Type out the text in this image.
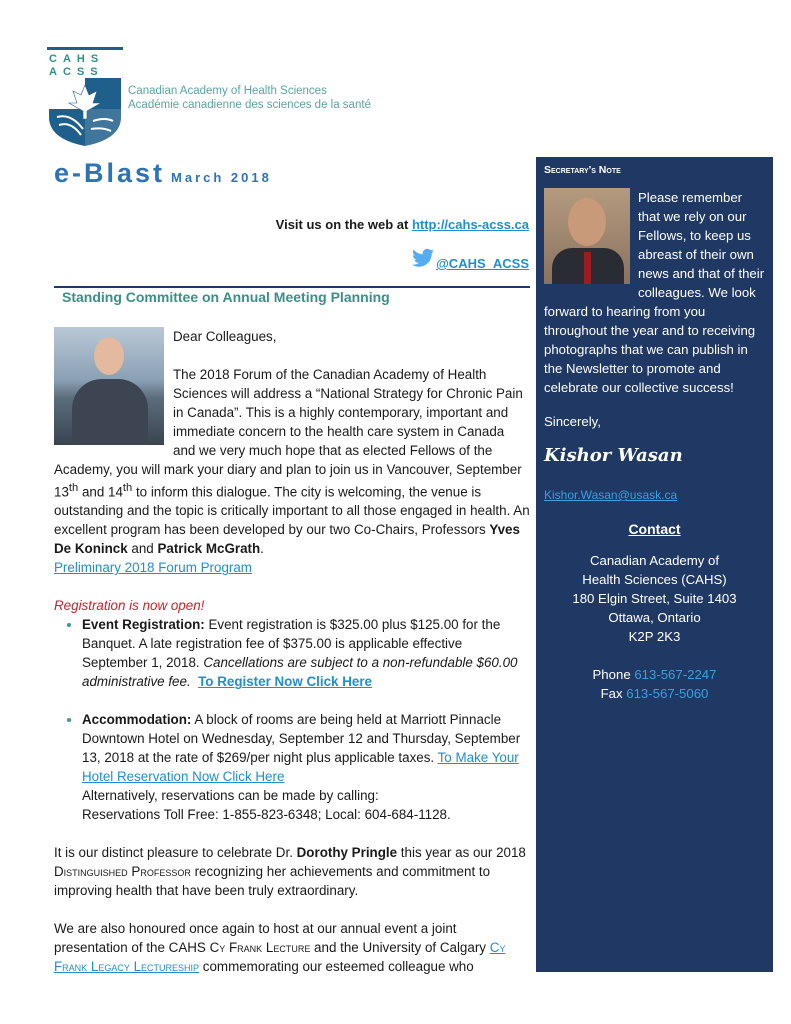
CAHS
ACSS
Canadian Academy of Health Sciences
Académie canadienne des sciences de la santé
e-Blast March 2018
Visit us on the web at http://cahs-acss.ca
@CAHS_ACSS
Standing Committee on Annual Meeting Planning

Dear Colleagues,

The 2018 Forum of the Canadian Academy of Health Sciences will address a “National Strategy for Chronic Pain in Canada”. This is a highly contemporary, important and immediate concern to the health care system in Canada and we very much hope that as elected Fellows of the Academy, you will mark your diary and plan to join us in Vancouver, September 13th and 14th to inform this dialogue. The city is welcoming, the venue is outstanding and the topic is critically important to all those engaged in health. An excellent program has been developed by our two Co-Chairs, Professors Yves De Koninck and Patrick McGrath.
Preliminary 2018 Forum Program

Registration is now open!

• Event Registration: Event registration is $325.00 plus $125.00 for the Banquet. A late registration fee of $375.00 is applicable effective September 1, 2018. Cancellations are subject to a non-refundable $60.00 administrative fee. To Register Now Click Here
• Accommodation: A block of rooms are being held at Marriott Pinnacle Downtown Hotel on Wednesday, September 12 and Thursday, September 13, 2018 at the rate of $269/per night plus applicable taxes. To Make Your Hotel Reservation Now Click Here
Alternatively, reservations can be made by calling:
Reservations Toll Free: 1-855-823-6348; Local: 604-684-1128.

It is our distinct pleasure to celebrate Dr. Dorothy Pringle this year as our 2018 Distinguished Professor recognizing her achievements and commitment to improving health that have been truly extraordinary.

We are also honoured once again to host at our annual event a joint presentation of the CAHS Cy Frank Lecture and the University of Calgary Cy Frank Legacy Lectureship commemorating our esteemed colleague who

Secretary's Note

Please remember that we rely on our Fellows, to keep us abreast of their own news and that of their colleagues. We look forward to hearing from you throughout the year and to receiving photographs that we can publish in the Newsletter to promote and celebrate our collective success!

Sincerely,

Kishor Wasan

Kishor.Wasan@usask.ca

Contact
Canadian Academy of
Health Sciences (CAHS)
180 Elgin Street, Suite 1403
Ottawa, Ontario
K2P 2K3
Phone 613-567-2247
Fax 613-567-5060
